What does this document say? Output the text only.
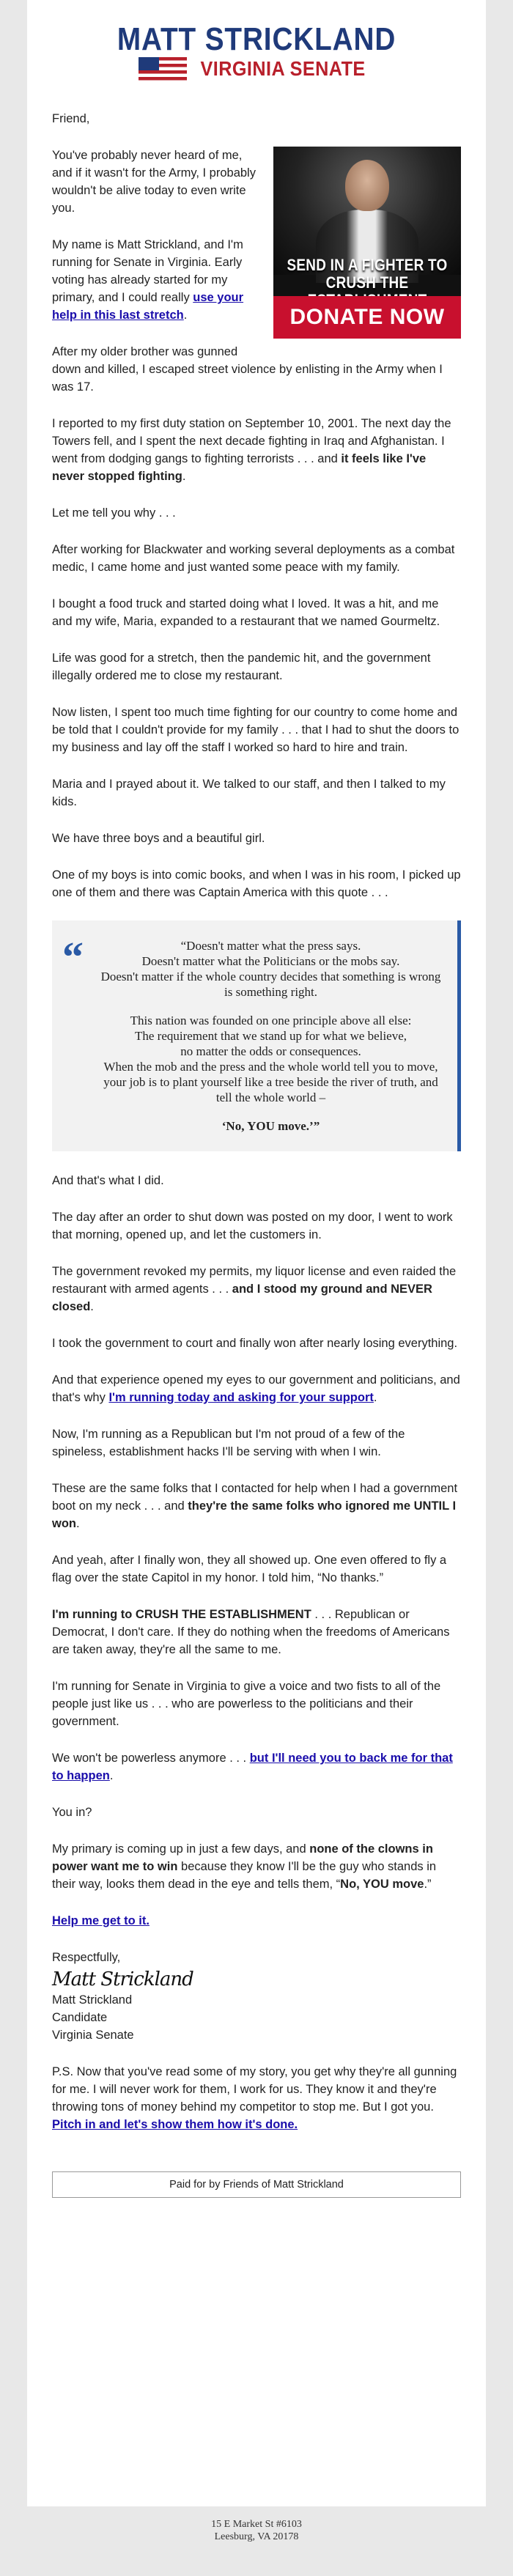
MATT STRICKLAND
VIRGINIA SENATE

Friend,

SEND IN A FIGHTER TO CRUSH THE
DONATE NOW

You've probably never heard of me, and if it wasn't for the Army, I probably wouldn't be alive today to even write you.

My name is Matt Strickland, and I'm running for Senate in Virginia. Early voting has already started for my primary, and I could really use your help in this last stretch.

After my older brother was gunned down and killed, I escaped street violence by enlisting in the Army when I was 17.

I reported to my first duty station on September 10, 2001. The next day the Towers fell, and I spent the next decade fighting in Iraq and Afghanistan. I went from dodging gangs to fighting terrorists . . . and it feels like I've never stopped fighting.

Let me tell you why . . .

After working for Blackwater and working several deployments as a combat medic, I came home and just wanted some peace with my family.

I bought a food truck and started doing what I loved. It was a hit, and me and my wife, Maria, expanded to a restaurant that we named Gourmeltz.

Life was good for a stretch, then the pandemic hit, and the government illegally ordered me to close my restaurant.

Now listen, I spent too much time fighting for our country to come home and be told that I couldn't provide for my family . . . that I had to shut the doors to my business and lay off the staff I worked so hard to hire and train.

Maria and I prayed about it. We talked to our staff, and then I talked to my kids.

We have three boys and a beautiful girl.

One of my boys is into comic books, and when I was in his room, I picked up one of them and there was Captain America with this quote . . .

“	“Doesn't matter what the press says.
Doesn't matter what the Politicians or the mobs say.
Doesn't matter if the whole country decides that something is wrong is something right.
This nation was founded on one principle above all else:
The requirement that we stand up for what we believe,
no matter the odds or consequences.
When the mob and the press and the whole world tell you to move, your job is to plant yourself like a tree beside the river of truth, and tell the whole world –
‘No, YOU move.’”

And that's what I did.

The day after an order to shut down was posted on my door, I went to work that morning, opened up, and let the customers in.

The government revoked my permits, my liquor license and even raided the restaurant with armed agents . . . and I stood my ground and NEVER closed.

I took the government to court and finally won after nearly losing everything.

And that experience opened my eyes to our government and politicians, and that's why I'm running today and asking for your support.

Now, I'm running as a Republican but I'm not proud of a few of the spineless, establishment hacks I'll be serving with when I win.

These are the same folks that I contacted for help when I had a government boot on my neck . . . and they're the same folks who ignored me UNTIL I won.

And yeah, after I finally won, they all showed up. One even offered to fly a flag over the state Capitol in my honor. I told him, “No thanks.”

I'm running to CRUSH THE ESTABLISHMENT . . . Republican or Democrat, I don't care. If they do nothing when the freedoms of Americans are taken away, they're all the same to me.

I'm running for Senate in Virginia to give a voice and two fists to all of the people just like us . . . who are powerless to the politicians and their government.

We won't be powerless anymore . . . but I'll need you to back me for that to happen.

You in?

My primary is coming up in just a few days, and none of the clowns in power want me to win because they know I'll be the guy who stands in their way, looks them dead in the eye and tells them, “No, YOU move.”

Help me get to it.

Respectfully,
Matt Strickland
Matt Strickland
Candidate
Virginia Senate

P.S. Now that you've read some of my story, you get why they're all gunning for me. I will never work for them, I work for us. They know it and they're throwing tons of money behind my competitor to stop me. But I got you. Pitch in and let's show them how it's done.

Paid for by Friends of Matt Strickland
15 E Market St #6103
Leesburg, VA 20178
